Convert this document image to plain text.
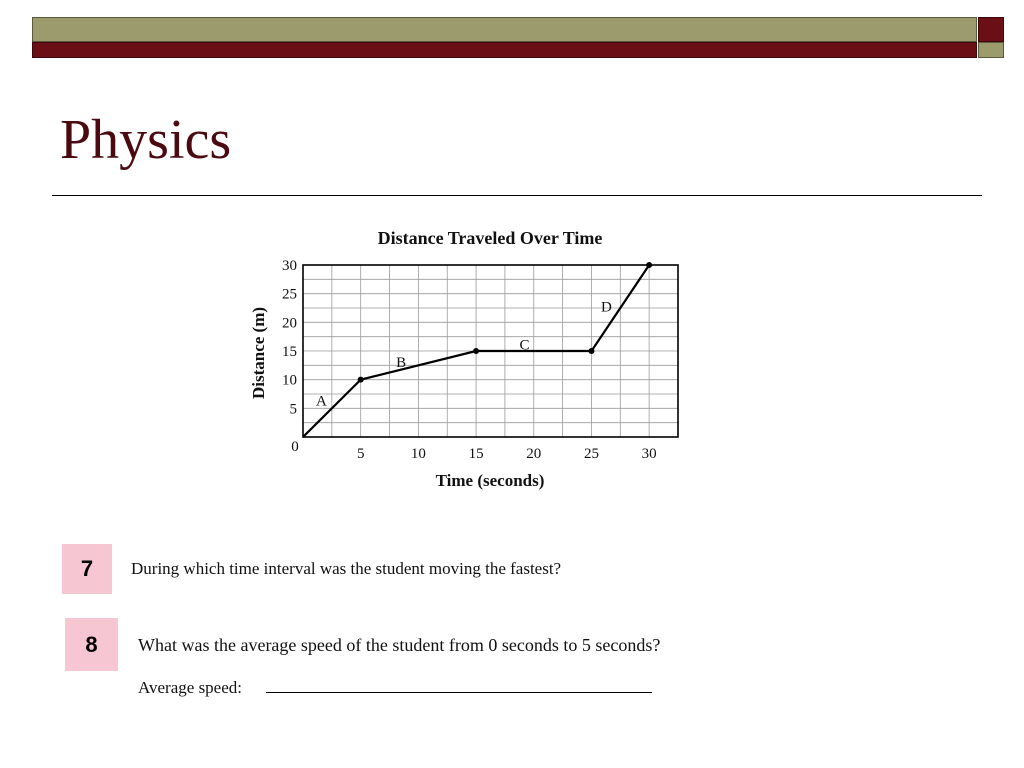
Physics
Distance Traveled Over Time
0	5	10	15	20	25	30
5
10
15
20
25
30
A
B
C
D
Time (seconds)
Distance (m)
7	During which time interval was the student moving the fastest?
8	What was the average speed of the student from 0 seconds to 5 seconds?
Average speed:
